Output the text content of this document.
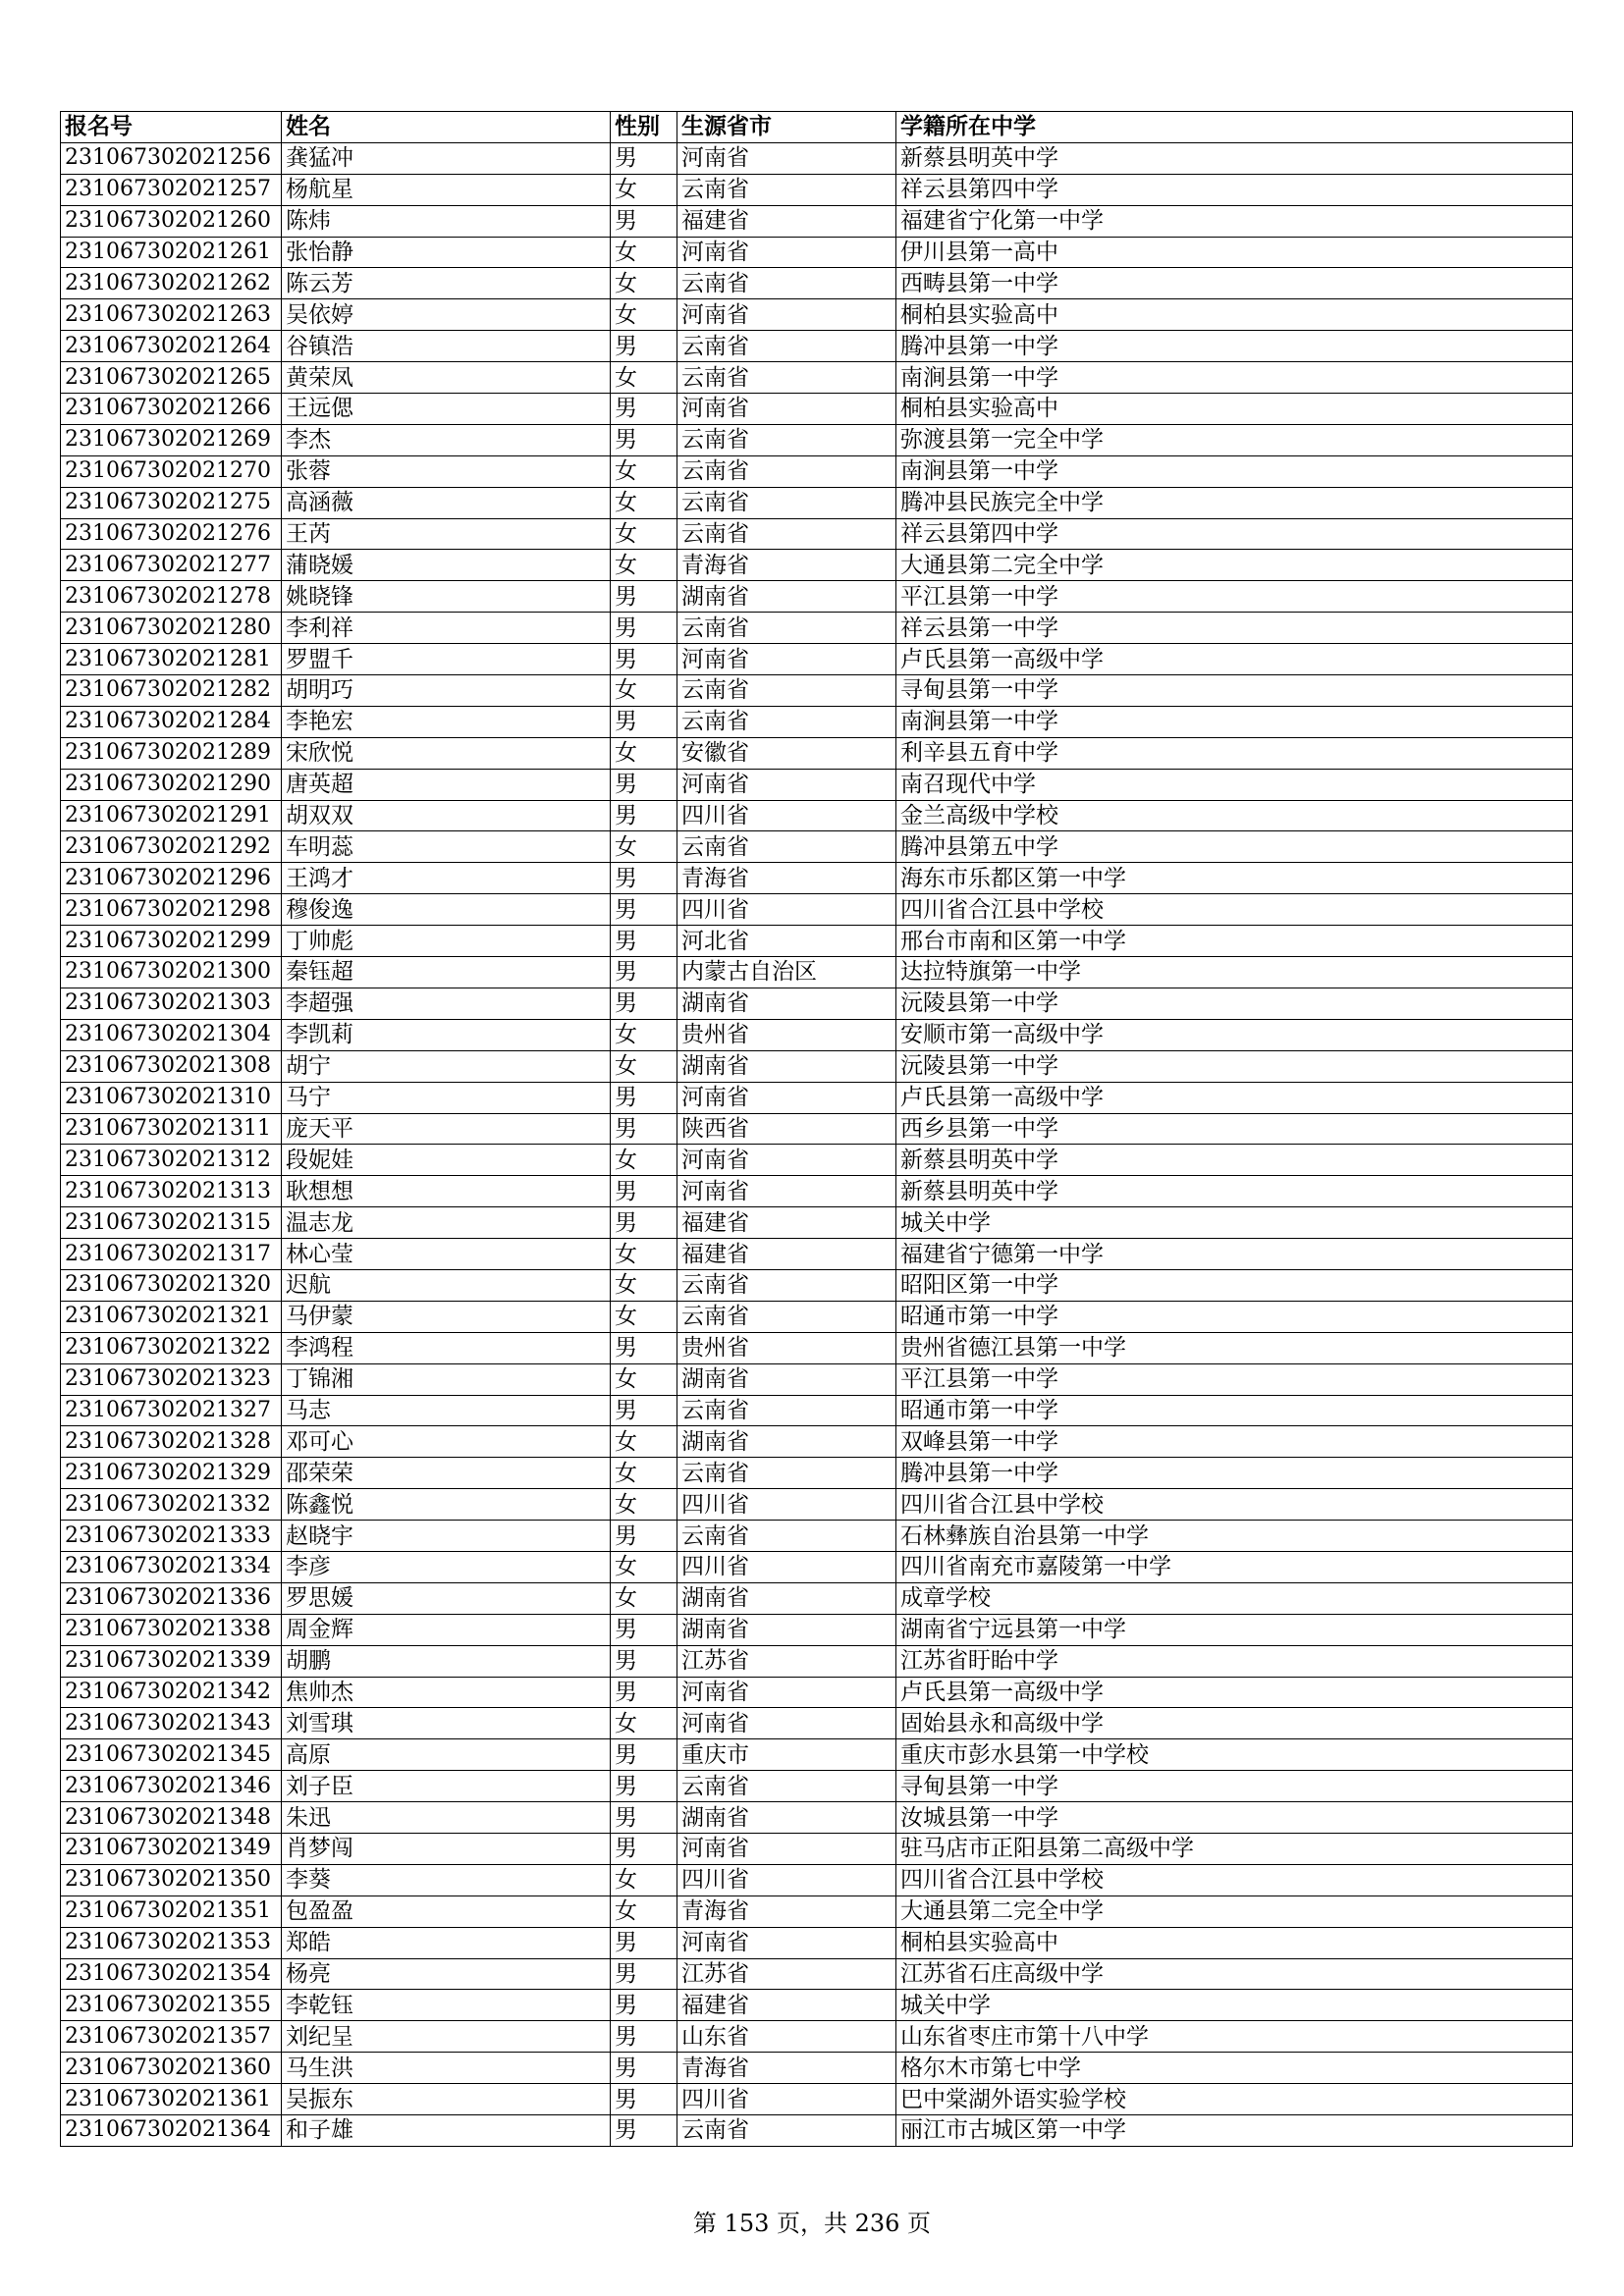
报名号	姓名	性别	生源省市	学籍所在中学
231067302021256	龚猛冲	男	河南省	新蔡县明英中学
231067302021257	杨航星	女	云南省	祥云县第四中学
231067302021260	陈炜	男	福建省	福建省宁化第一中学
231067302021261	张怡静	女	河南省	伊川县第一高中
231067302021262	陈云芳	女	云南省	西畴县第一中学
231067302021263	吴依婷	女	河南省	桐柏县实验高中
231067302021264	谷镇浩	男	云南省	腾冲县第一中学
231067302021265	黄荣凤	女	云南省	南涧县第一中学
231067302021266	王远偲	男	河南省	桐柏县实验高中
231067302021269	李杰	男	云南省	弥渡县第一完全中学
231067302021270	张蓉	女	云南省	南涧县第一中学
231067302021275	高涵薇	女	云南省	腾冲县民族完全中学
231067302021276	王芮	女	云南省	祥云县第四中学
231067302021277	蒲晓媛	女	青海省	大通县第二完全中学
231067302021278	姚晓锋	男	湖南省	平江县第一中学
231067302021280	李利祥	男	云南省	祥云县第一中学
231067302021281	罗盟千	男	河南省	卢氏县第一高级中学
231067302021282	胡明巧	女	云南省	寻甸县第一中学
231067302021284	李艳宏	男	云南省	南涧县第一中学
231067302021289	宋欣悦	女	安徽省	利辛县五育中学
231067302021290	唐英超	男	河南省	南召现代中学
231067302021291	胡双双	男	四川省	金兰高级中学校
231067302021292	车明蕊	女	云南省	腾冲县第五中学
231067302021296	王鸿才	男	青海省	海东市乐都区第一中学
231067302021298	穆俊逸	男	四川省	四川省合江县中学校
231067302021299	丁帅彪	男	河北省	邢台市南和区第一中学
231067302021300	秦钰超	男	内蒙古自治区	达拉特旗第一中学
231067302021303	李超强	男	湖南省	沅陵县第一中学
231067302021304	李凯莉	女	贵州省	安顺市第一高级中学
231067302021308	胡宁	女	湖南省	沅陵县第一中学
231067302021310	马宁	男	河南省	卢氏县第一高级中学
231067302021311	庞天平	男	陕西省	西乡县第一中学
231067302021312	段妮娃	女	河南省	新蔡县明英中学
231067302021313	耿想想	男	河南省	新蔡县明英中学
231067302021315	温志龙	男	福建省	城关中学
231067302021317	林心莹	女	福建省	福建省宁德第一中学
231067302021320	迟航	女	云南省	昭阳区第一中学
231067302021321	马伊蒙	女	云南省	昭通市第一中学
231067302021322	李鸿程	男	贵州省	贵州省德江县第一中学
231067302021323	丁锦湘	女	湖南省	平江县第一中学
231067302021327	马志	男	云南省	昭通市第一中学
231067302021328	邓可心	女	湖南省	双峰县第一中学
231067302021329	邵荣荣	女	云南省	腾冲县第一中学
231067302021332	陈鑫悦	女	四川省	四川省合江县中学校
231067302021333	赵晓宇	男	云南省	石林彝族自治县第一中学
231067302021334	李彦	女	四川省	四川省南充市嘉陵第一中学
231067302021336	罗思媛	女	湖南省	成章学校
231067302021338	周金辉	男	湖南省	湖南省宁远县第一中学
231067302021339	胡鹏	男	江苏省	江苏省盱眙中学
231067302021342	焦帅杰	男	河南省	卢氏县第一高级中学
231067302021343	刘雪琪	女	河南省	固始县永和高级中学
231067302021345	高原	男	重庆市	重庆市彭水县第一中学校
231067302021346	刘子臣	男	云南省	寻甸县第一中学
231067302021348	朱迅	男	湖南省	汝城县第一中学
231067302021349	肖梦闯	男	河南省	驻马店市正阳县第二高级中学
231067302021350	李葵	女	四川省	四川省合江县中学校
231067302021351	包盈盈	女	青海省	大通县第二完全中学
231067302021353	郑皓	男	河南省	桐柏县实验高中
231067302021354	杨亮	男	江苏省	江苏省石庄高级中学
231067302021355	李乾钰	男	福建省	城关中学
231067302021357	刘纪呈	男	山东省	山东省枣庄市第十八中学
231067302021360	马生洪	男	青海省	格尔木市第七中学
231067302021361	吴振东	男	四川省	巴中棠湖外语实验学校
231067302021364	和子雄	男	云南省	丽江市古城区第一中学
第 153 页，共 236 页
